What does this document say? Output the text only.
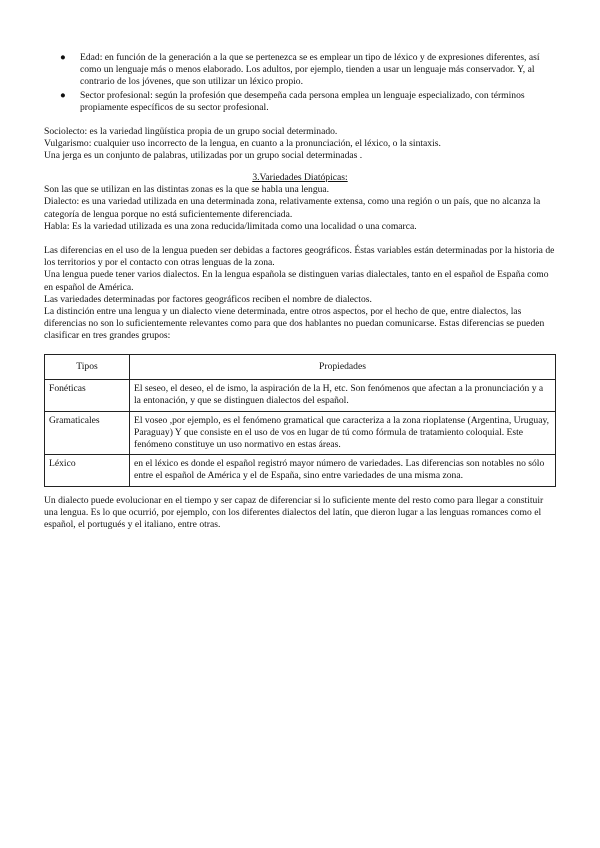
● Edad: en función de la generación a la que se pertenezca se es emplear un tipo de léxico y de expresiones diferentes, así como un lenguaje más o menos elaborado. Los adultos, por ejemplo, tienden a usar un lenguaje más conservador. Y, al contrario de los jóvenes, que son utilizar un léxico propio.
● Sector profesional: según la profesión que desempeña cada persona emplea un lenguaje especializado, con términos propiamente específicos de su sector profesional.

Sociolecto: es la variedad lingüística propia de un grupo social determinado.

Vulgarismo: cualquier uso incorrecto de la lengua, en cuanto a la pronunciación, el léxico, o la sintaxis.

Una jerga es un conjunto de palabras, utilizadas por un grupo social determinadas .

3.Variedades Diatópicas:

Son las que se utilizan en las distintas zonas es la que se habla una lengua.

Dialecto: es una variedad utilizada en una determinada zona, relativamente extensa, como una región o un país, que no alcanza la categoría de lengua porque no está suficientemente diferenciada.

Habla: Es la variedad utilizada es una zona reducida/limitada como una localidad o una comarca.

Las diferencias en el uso de la lengua pueden ser debidas a factores geográficos. Éstas variables están determinadas por la historia de los territorios y por el contacto con otras lenguas de la zona.

Una lengua puede tener varios dialectos. En la lengua española se distinguen varias dialectales, tanto en el español de España como en español de América.

Las variedades determinadas por factores geográficos reciben el nombre de dialectos.

La distinción entre una lengua y un dialecto viene determinada, entre otros aspectos, por el hecho de que, entre dialectos, las diferencias no son lo suficientemente relevantes como para que dos hablantes no puedan comunicarse. Estas diferencias se pueden clasificar en tres grandes grupos:

Tipos	Propiedades
Fonéticas	El seseo, el deseo, el de ismo, la aspiración de la H, etc. Son fenómenos que afectan a la pronunciación y a la entonación, y que se distinguen dialectos del español.
Gramaticales	El voseo ,por ejemplo, es el fenómeno gramatical que caracteriza a la zona rioplatense (Argentina, Uruguay, Paraguay) Y que consiste en el uso de vos en lugar de tú como fórmula de tratamiento coloquial. Este fenómeno constituye un uso normativo en estas áreas.
Léxico	en el léxico es donde el español registró mayor número de variedades. Las diferencias son notables no sólo entre el español de América y el de España, sino entre variedades de una misma zona.

Un dialecto puede evolucionar en el tiempo y ser capaz de diferenciar si lo suficiente mente del resto como para llegar a constituir una lengua. Es lo que ocurrió, por ejemplo, con los diferentes dialectos del latín, que dieron lugar a las lenguas romances como el español, el portugués y el italiano, entre otras.
